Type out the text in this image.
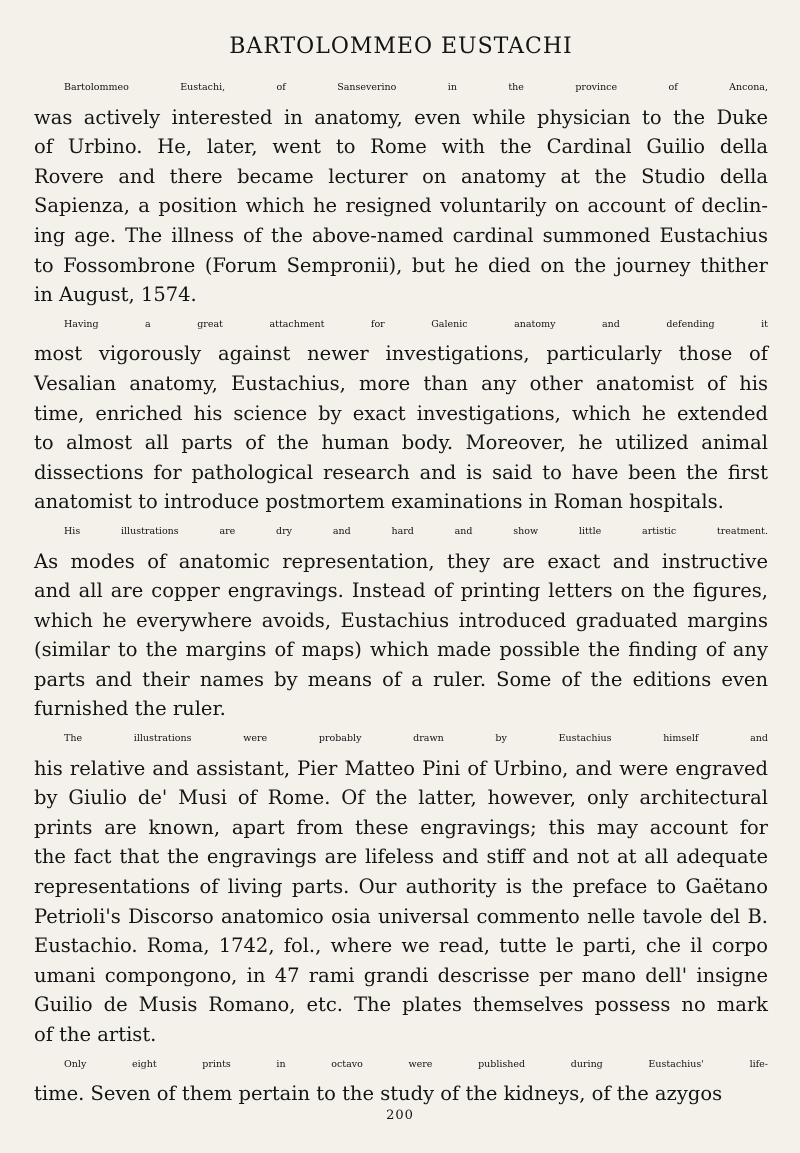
BARTOLOMMEO EUSTACHI

Bartolommeo Eustachi, of Sanseverino in the province of Ancona,
was actively interested in anatomy, even while physician to the Duke
of Urbino. He, later, went to Rome with the Cardinal Guilio della
Rovere and there became lecturer on anatomy at the Studio della
Sapienza, a position which he resigned voluntarily on account of declin-
ing age. The illness of the above-named cardinal summoned Eustachius
to Fossombrone (Forum Sempronii), but he died on the journey thither
in August, 1574.

Having a great attachment for Galenic anatomy and defending it
most vigorously against newer investigations, particularly those of
Vesalian anatomy, Eustachius, more than any other anatomist of his
time, enriched his science by exact investigations, which he extended
to almost all parts of the human body. Moreover, he utilized animal
dissections for pathological research and is said to have been the first
anatomist to introduce postmortem examinations in Roman hospitals.

His illustrations are dry and hard and show little artistic treatment.
As modes of anatomic representation, they are exact and instructive
and all are copper engravings. Instead of printing letters on the figures,
which he everywhere avoids, Eustachius introduced graduated margins
(similar to the margins of maps) which made possible the finding of any
parts and their names by means of a ruler. Some of the editions even
furnished the ruler.

The illustrations were probably drawn by Eustachius himself and
his relative and assistant, Pier Matteo Pini of Urbino, and were engraved
by Giulio de' Musi of Rome. Of the latter, however, only architectural
prints are known, apart from these engravings; this may account for
the fact that the engravings are lifeless and stiff and not at all adequate
representations of living parts. Our authority is the preface to Gaëtano
Petrioli's Discorso anatomico osia universal commento nelle tavole del B.
Eustachio. Roma, 1742, fol., where we read, tutte le parti, che il corpo
umani compongono, in 47 rami grandi descrisse per mano dell' insigne
Guilio de Musis Romano, etc. The plates themselves possess no mark
of the artist.

Only eight prints in octavo were published during Eustachius' life-
time. Seven of them pertain to the study of the kidneys, of the azygos

200
